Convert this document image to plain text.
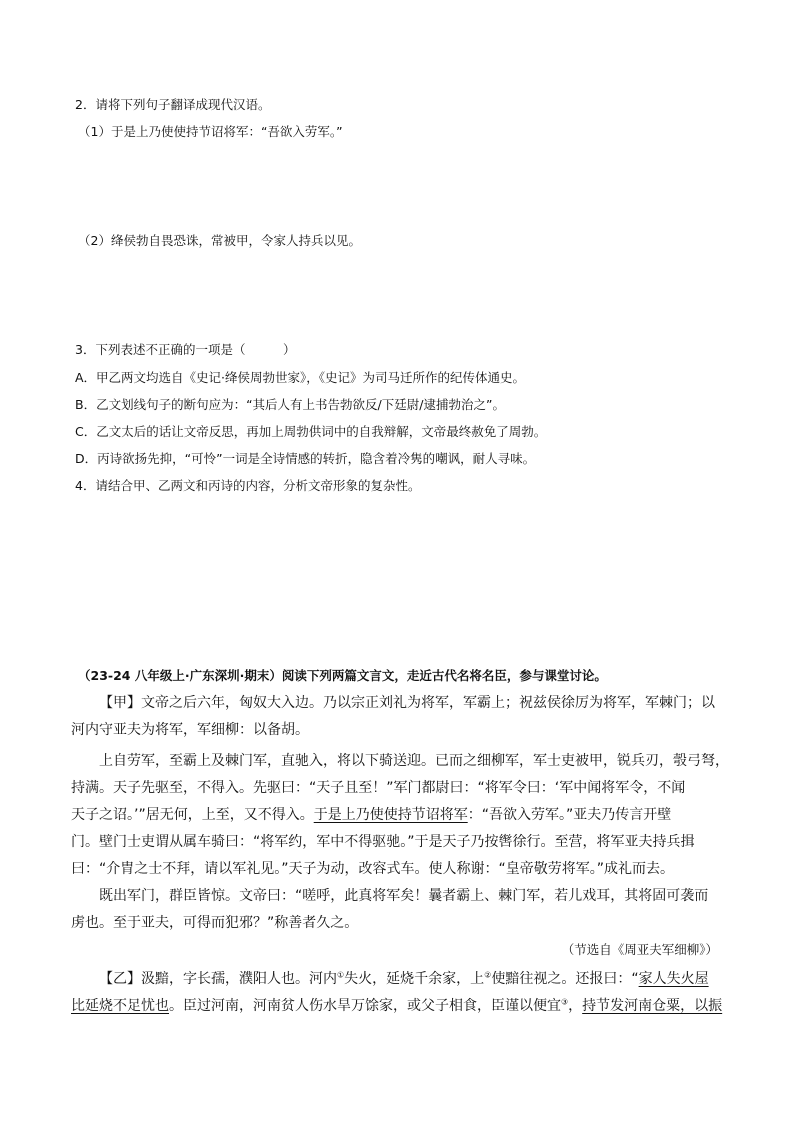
2．请将下列句子翻译成现代汉语。
（1）于是上乃使使持节诏将军：“吾欲入劳军。”
（2）绛侯勃自畏恐诛，常被甲，令家人持兵以见。
3．下列表述不正确的一项是（　　　）
A．甲乙两文均选自《史记·绛侯周勃世家》，《史记》为司马迁所作的纪传体通史。
B．乙文划线句子的断句应为：“其后人有上书告勃欲反/下廷尉/逮捕勃治之”。
C．乙文太后的话让文帝反思，再加上周勃供词中的自我辩解，文帝最终赦免了周勃。
D．丙诗欲扬先抑，“可怜”一词是全诗情感的转折，隐含着冷隽的嘲讽，耐人寻味。
4．请结合甲、乙两文和丙诗的内容，分析文帝形象的复杂性。
（23-24 八年级上·广东深圳·期末）阅读下列两篇文言文，走近古代名将名臣，参与课堂讨论。
【甲】文帝之后六年，匈奴大入边。乃以宗正刘礼为将军，军霸上；祝兹侯徐厉为将军，军棘门；以
河内守亚夫为将军，军细柳：以备胡。
上自劳军，至霸上及棘门军，直驰入，将以下骑送迎。已而之细柳军，军士吏被甲，锐兵刃，彀弓弩，
持满。天子先驱至，不得入。先驱曰：“天子且至！”军门都尉曰：“将军令曰：‘军中闻将军令，不闻
天子之诏。’”居无何，上至，又不得入。于是上乃使使持节诏将军：“吾欲入劳军。”亚夫乃传言开壁
门。壁门士吏谓从属车骑曰：“将军约，军中不得驱驰。”于是天子乃按辔徐行。至营，将军亚夫持兵揖
曰：“介胄之士不拜，请以军礼见。”天子为动，改容式车。使人称谢：“皇帝敬劳将军。”成礼而去。
既出军门，群臣皆惊。文帝曰：“嗟呼，此真将军矣！曩者霸上、棘门军，若儿戏耳，其将固可袭而
虏也。至于亚夫，可得而犯邪？”称善者久之。
（节选自《周亚夫军细柳》）
【乙】汲黯，字长孺，濮阳人也。河内①失火，延烧千余家，上②使黯往视之。还报曰：“家人失火屋
比延烧不足忧也。臣过河南，河南贫人伤水旱万馀家，或父子相食，臣谨以便宜③，持节发河南仓粟，以振
